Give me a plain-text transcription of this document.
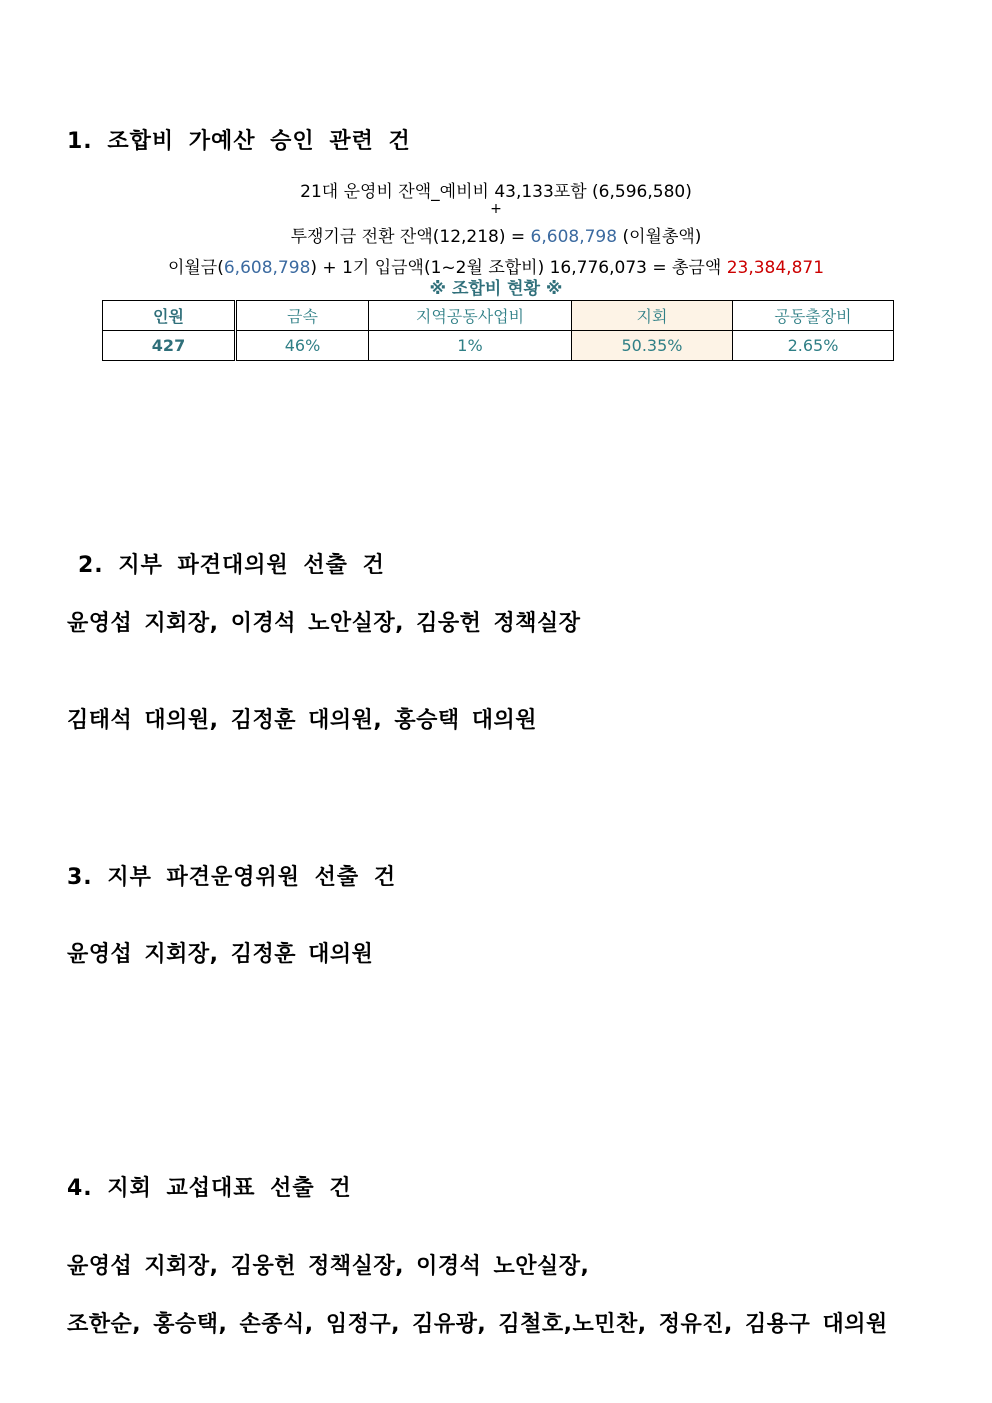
1. 조합비 가예산 승인 관련 건
21대 운영비 잔액_예비비 43,133포함 (6,596,580)
+
투쟁기금 전환 잔액(12,218) = 6,608,798 (이월총액)
이월금(6,608,798) + 1기 입금액(1~2월 조합비) 16,776,073 = 총금액 23,384,871
※ 조합비 현황 ※
인원	금속	지역공동사업비	지회	공동출장비
427	46%	1%	50.35%	2.65%
2. 지부 파견대의원 선출 건
윤영섭 지회장, 이경석 노안실장, 김웅헌 정책실장
김태석 대의원, 김정훈 대의원, 홍승택 대의원
3. 지부 파견운영위원 선출 건
윤영섭 지회장, 김정훈 대의원
4. 지회 교섭대표 선출 건
윤영섭 지회장, 김웅헌 정책실장, 이경석 노안실장,
조한순, 홍승택, 손종식, 임정구, 김유광, 김철호,노민찬, 정유진, 김용구 대의원
